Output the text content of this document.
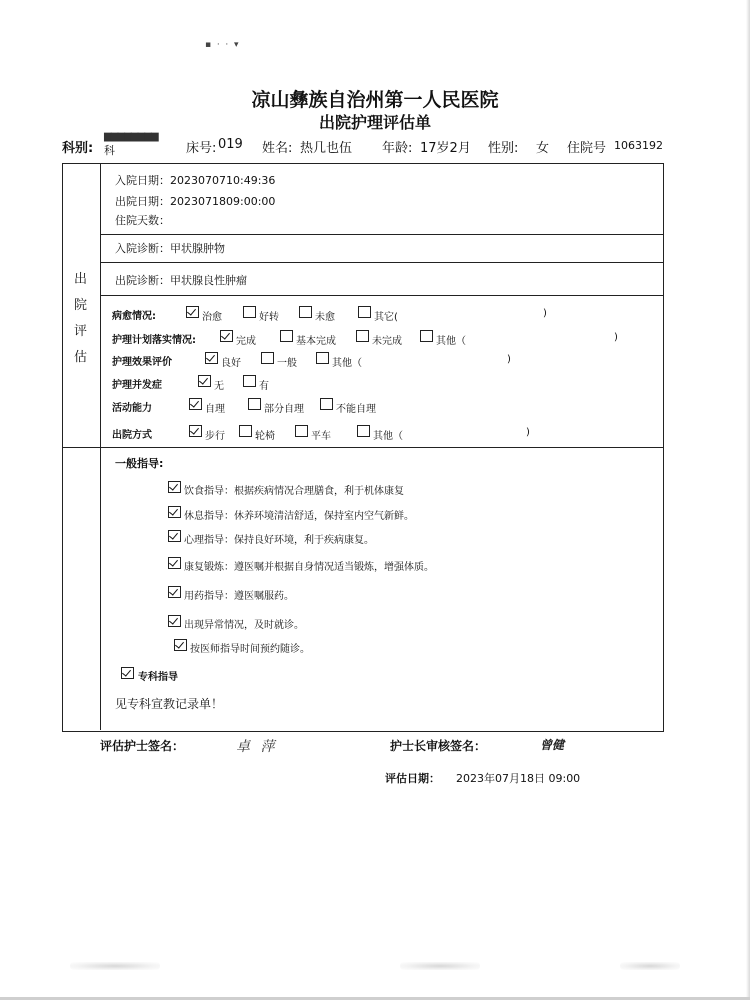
▪  ·  ·  ▾
凉山彝族自治州第一人民医院
出院护理评估单
科别:
▆▆▆▆▆▆▆▆
科	床号: 019 姓名: 热几也伍 年龄: 17岁2月 性别: 女 住院号 1063192
出
院
评
估
入院日期：2023070710:49:36
出院日期：2023071809:00:00
住院天数：
入院诊断：甲状腺肿物
出院诊断：甲状腺良性肿瘤
病愈情况:	治愈	好转	未愈	其它(	)
护理计划落实情况:	完成	基本完成	未完成	其他（	)
护理效果评价	良好	一般	其他（	)
护理并发症	无	有
活动能力	自理	部分自理	不能自理
出院方式	步行	轮椅	平车	其他（	)
一般指导:
饮食指导：根据疾病情况合理膳食，利于机体康复
休息指导：休养环境清洁舒适，保持室内空气新鲜。
心理指导：保持良好环境，利于疾病康复。
康复锻炼：遵医嘱并根据自身情况适当锻炼，增强体质。
用药指导：遵医嘱服药。
出现异常情况，及时就诊。
按医师指导时间预约随诊。
专科指导
见专科宣教记录单！
评估护士签名：	卓 萍	护士长审核签名：	曾健
评估日期： 2023年07月18日 09:00
